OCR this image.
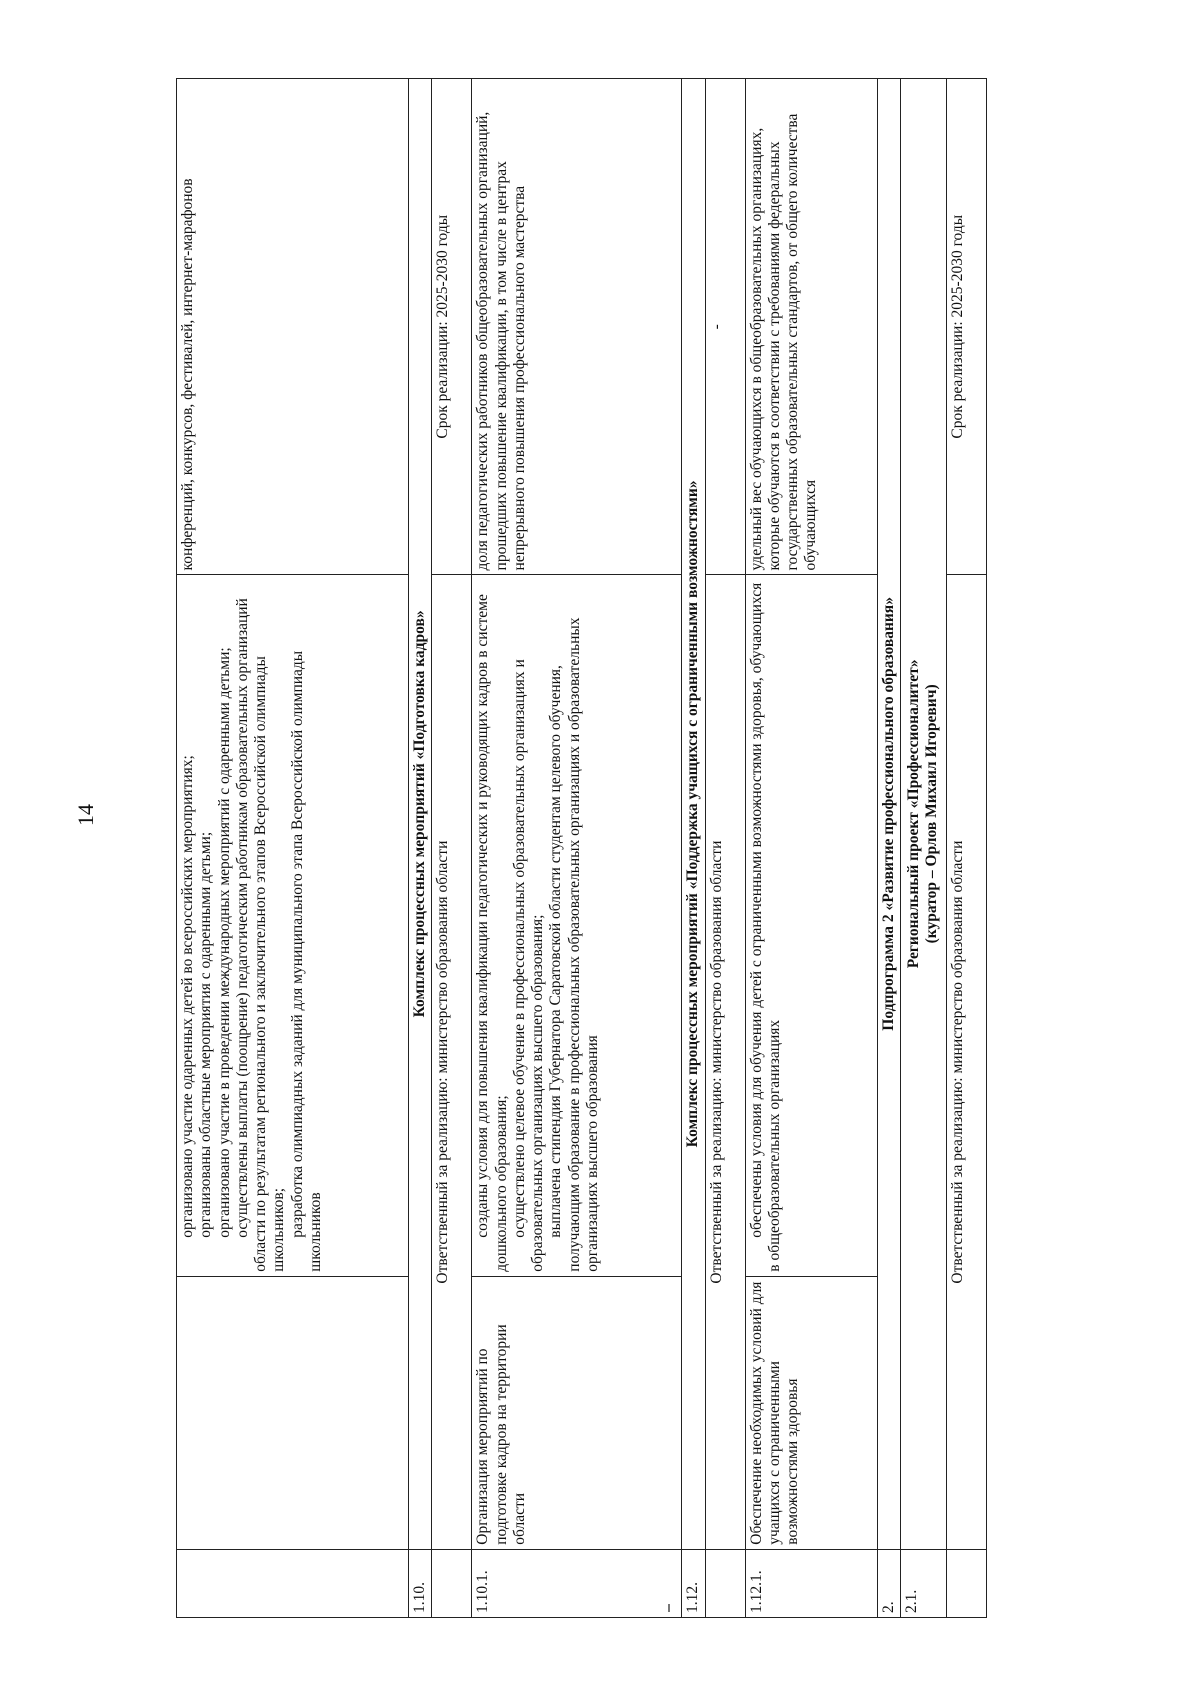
14

		организовано участие одаренных детей во всероссийских мероприятиях; организованы областные мероприятия с одаренными детьми; организовано участие в проведении международных мероприятий с одаренными детьми; осуществлены выплаты (поощрение) педагогическим работникам образовательных организаций области по результатам регионального и заключительного этапов Всероссийской олимпиады школьников; разработка олимпиадных заданий для муниципального этапа Всероссийской олимпиады школьников	конференций, конкурсов, фестивалей, интернет-марафонов
1.10.	Комплекс процессных мероприятий «Подготовка кадров»		
	Ответственный за реализацию: министерство образования области		Срок реализации: 2025-2030 годы
1.10.1.	Организация мероприятий по подготовке кадров на территории области	созданы условия для повышения квалификации педагогических и руководящих кадров в системе дошкольного образования; осуществлено целевое обучение в профессиональных образовательных организациях и образовательных организациях высшего образования; выплачена стипендия Губернатора Саратовской области студентам целевого обучения, получающим образование в профессиональных образовательных организациях и образовательных организациях высшего образования	доля педагогических работников общеобразовательных организаций, прошедших повышение квалификации, в том числе в центрах непрерывного повышения профессионального мастерства
1.12.	Комплекс процессных мероприятий «Поддержка учащихся с ограниченными возможностями»		
	Ответственный за реализацию: министерство образования области		-
1.12.1.	Обеспечение необходимых условий для учащихся с ограниченными возможностями здоровья	обеспечены условия для обучения детей с ограниченными возможностями здоровья, обучающихся в общеобразовательных организациях	удельный вес обучающихся в общеобразовательных организациях, которые обучаются в соответствии с требованиями федеральных государственных образовательных стандартов, от общего количества обучающихся
2.	Подпрограмма 2 «Развитие профессионального образования»		
2.1.	Региональный проект «Профессионалитет» (куратор – Орлов Михаил Игоревич)		

	Ответственный за реализацию: министерство образования области		Срок реализации: 2025-2030 годы
